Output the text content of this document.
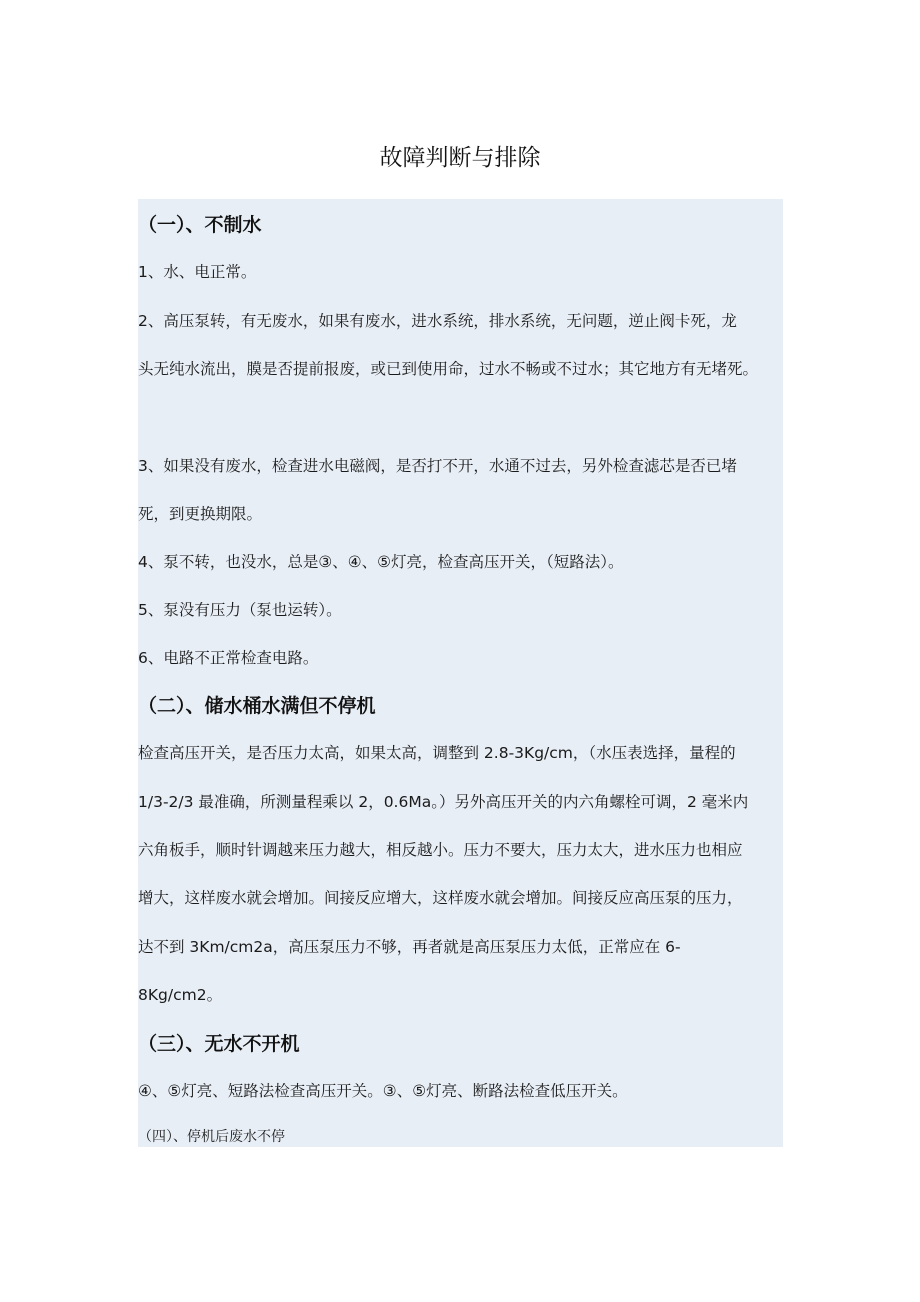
故障判断与排除
（一）、不制水
1、水、电正常。
2、高压泵转，有无废水，如果有废水，进水系统，排水系统，无问题，逆止阀卡死，龙
头无纯水流出，膜是否提前报废，或已到使用命，过水不畅或不过水；其它地方有无堵死。
3、如果没有废水，检查进水电磁阀，是否打不开，水通不过去，另外检查滤芯是否已堵
死，到更换期限。
4、泵不转，也没水，总是③、④、⑤灯亮，检查高压开关，（短路法）。
5、泵没有压力（泵也运转）。
6、电路不正常检查电路。
（二）、储水桶水满但不停机
检查高压开关，是否压力太高，如果太高，调整到 2.8-3Kg/cm，（水压表选择，量程的
1/3-2/3 最准确，所测量程乘以 2，0.6Ma。）另外高压开关的内六角螺栓可调，2 毫米内
六角板手，顺时针调越来压力越大，相反越小。压力不要大，压力太大，进水压力也相应
增大，这样废水就会增加。间接反应增大，这样废水就会增加。间接反应高压泵的压力，
达不到 3Km/cm2a，高压泵压力不够，再者就是高压泵压力太低，正常应在 6-
8Kg/cm2。
（三）、无水不开机
④、⑤灯亮、短路法检查高压开关。③、⑤灯亮、断路法检查低压开关。
（四）、停机后废水不停
